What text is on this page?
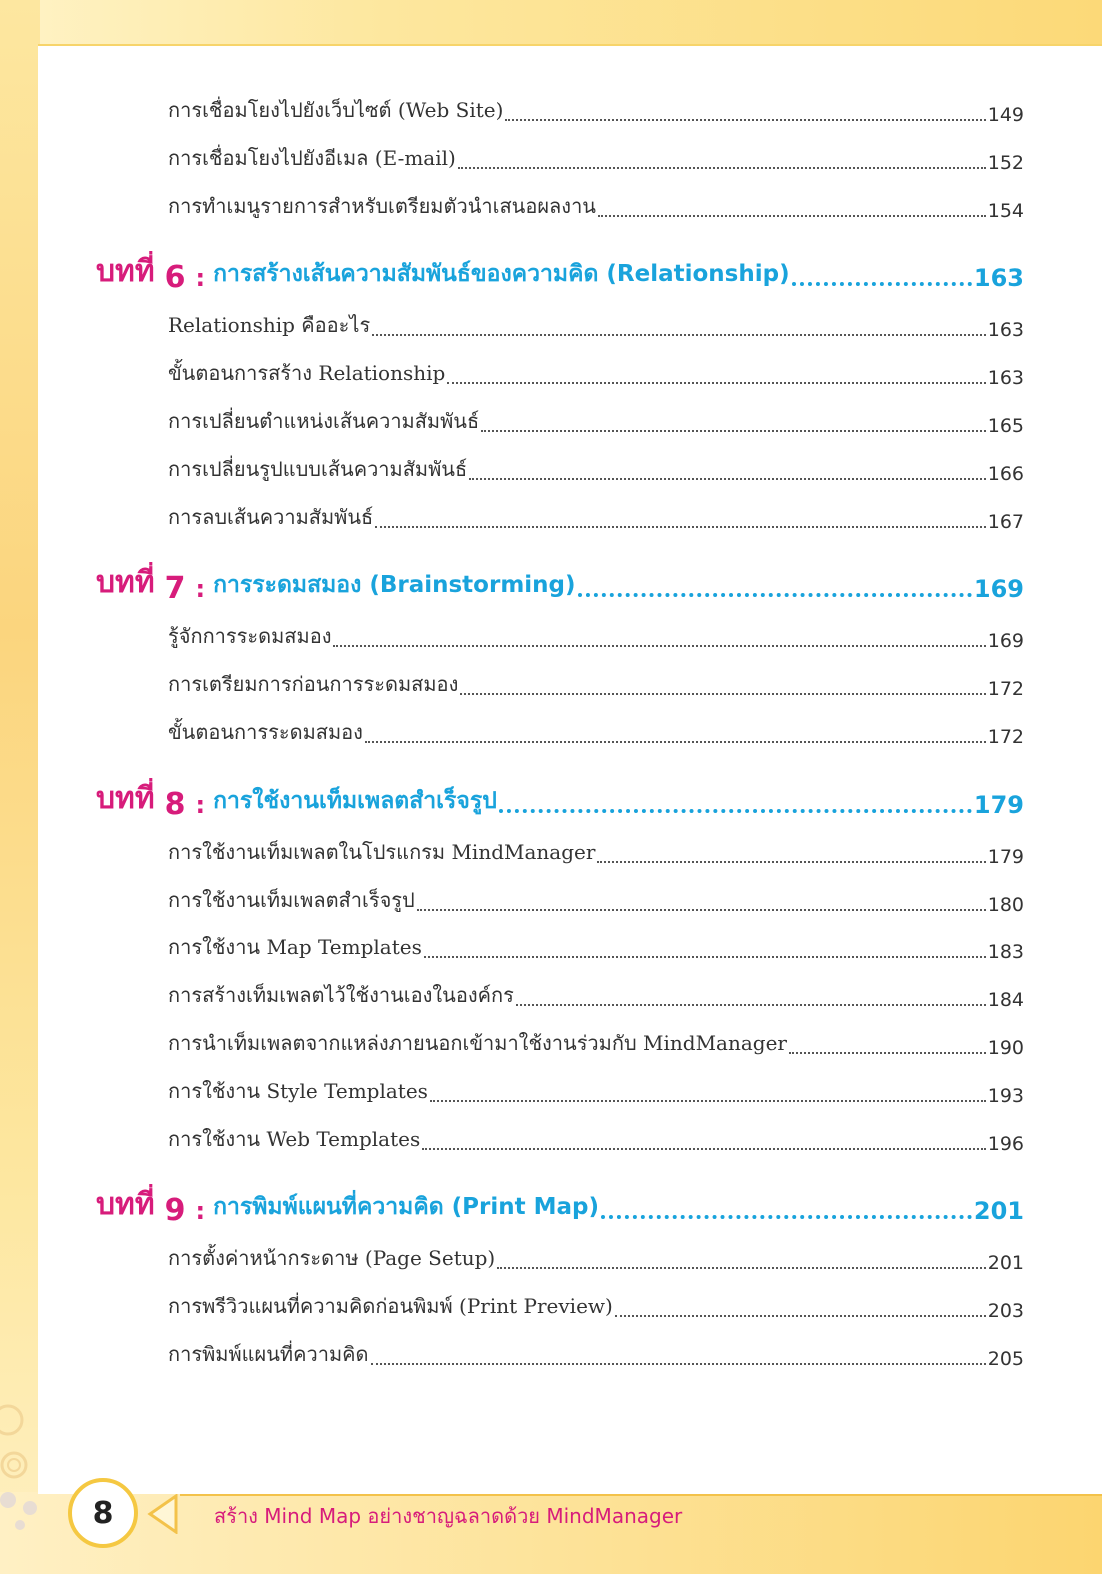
การเชื่อมโยงไปยังเว็บไซต์ (Web Site)	149
การเชื่อมโยงไปยังอีเมล (E-mail)	152
การทำเมนูรายการสำหรับเตรียมตัวนำเสนอผลงาน	154
บทที่ 6 : การสร้างเส้นความสัมพันธ์ของความคิด (Relationship)	163
Relationship คืออะไร	163
ขั้นตอนการสร้าง Relationship	163
การเปลี่ยนตำแหน่งเส้นความสัมพันธ์	165
การเปลี่ยนรูปแบบเส้นความสัมพันธ์	166
การลบเส้นความสัมพันธ์	167
บทที่ 7 : การระดมสมอง (Brainstorming)	169
รู้จักการระดมสมอง	169
การเตรียมการก่อนการระดมสมอง	172
ขั้นตอนการระดมสมอง	172
บทที่ 8 : การใช้งานเท็มเพลตสำเร็จรูป	179
การใช้งานเท็มเพลตในโปรแกรม MindManager	179
การใช้งานเท็มเพลตสำเร็จรูป	180
การใช้งาน Map Templates	183
การสร้างเท็มเพลตไว้ใช้งานเองในองค์กร	184
การนำเท็มเพลตจากแหล่งภายนอกเข้ามาใช้งานร่วมกับ MindManager	190
การใช้งาน Style Templates	193
การใช้งาน Web Templates	196
บทที่ 9 : การพิมพ์แผนที่ความคิด (Print Map)	201
การตั้งค่าหน้ากระดาษ (Page Setup)	201
การพรีวิวแผนที่ความคิดก่อนพิมพ์ (Print Preview)	203
การพิมพ์แผนที่ความคิด	205
8	สร้าง Mind Map อย่างชาญฉลาดด้วย MindManager
